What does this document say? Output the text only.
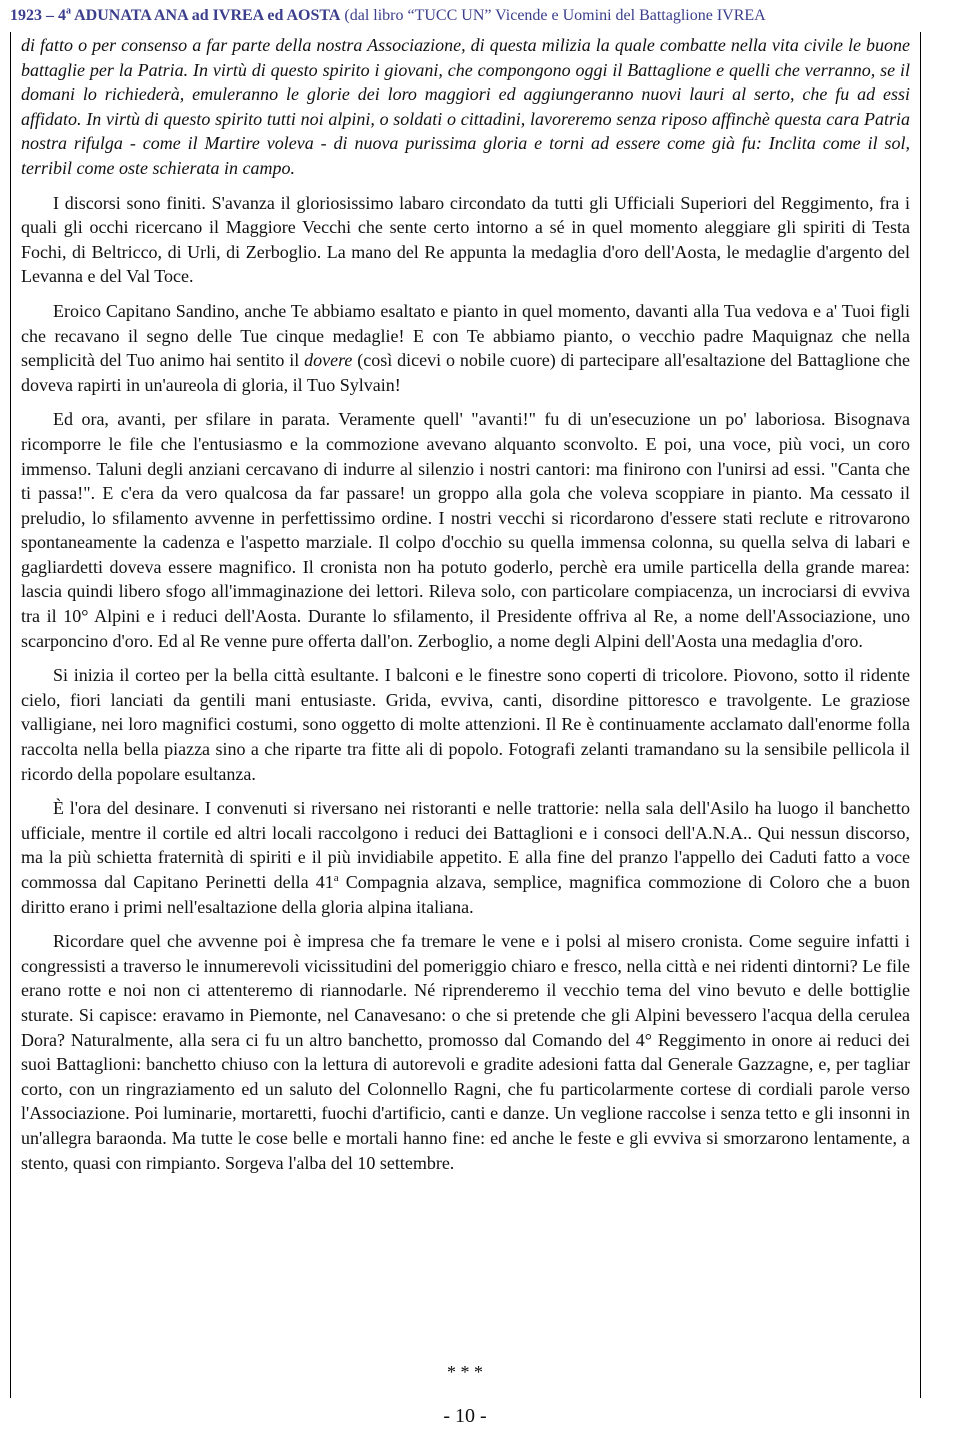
1923 – 4$^a$ ADUNATA ANA ad IVREA ed AOSTA (dal libro “TUCC UN” Vicende e Uomini del Battaglione IVREA

di fatto o per consenso a far parte della nostra Associazione, di questa milizia la quale combatte nella vita civile le buone battaglie per la Patria. In virtù di questo spirito i giovani, che compongono oggi il Battaglione e quelli che verranno, se il domani lo richiederà, emuleranno le glorie dei loro maggiori ed aggiungeranno nuovi lauri al serto, che fu ad essi affidato. In virtù di questo spirito tutti noi alpini, o soldati o cittadini, lavoreremo senza riposo affinchè questa cara Patria nostra rifulga - come il Martire voleva - di nuova purissima gloria e torni ad essere come già fu: Inclita come il sol, terribil come oste schierata in campo.

I discorsi sono finiti. S'avanza il gloriosissimo labaro circondato da tutti gli Ufficiali Superiori del Reggimento, fra i quali gli occhi ricercano il Maggiore Vecchi che sente certo intorno a sé in quel momento aleggiare gli spiriti di Testa Fochi, di Beltricco, di Urli, di Zerboglio. La mano del Re appunta la medaglia d'oro dell'Aosta, le medaglie d'argento del Levanna e del Val Toce.

Eroico Capitano Sandino, anche Te abbiamo esaltato e pianto in quel momento, davanti alla Tua vedova e a' Tuoi figli che recavano il segno delle Tue cinque medaglie! E con Te abbiamo pianto, o vecchio padre Maquignaz che nella semplicità del Tuo animo hai sentito il dovere (così dicevi o nobile cuore) di partecipare all'esaltazione del Battaglione che doveva rapirti in un'aureola di gloria, il Tuo Sylvain!

Ed ora, avanti, per sfilare in parata. Veramente quell' "avanti!" fu di un'esecuzione un po' laboriosa. Bisognava ricomporre le file che l'entusiasmo e la commozione avevano alquanto sconvolto. E poi, una voce, più voci, un coro immenso. Taluni degli anziani cercavano di indurre al silenzio i nostri cantori: ma finirono con l'unirsi ad essi. "Canta che ti passa!". E c'era da vero qualcosa da far passare! un groppo alla gola che voleva scoppiare in pianto. Ma cessato il preludio, lo sfilamento avvenne in perfettissimo ordine. I nostri vecchi si ricordarono d'essere stati reclute e ritrovarono spontaneamente la cadenza e l'aspetto marziale. Il colpo d'occhio su quella immensa colonna, su quella selva di labari e gagliardetti doveva essere magnifico. Il cronista non ha potuto goderlo, perchè era umile particella della grande marea: lascia quindi libero sfogo all'immaginazione dei lettori. Rileva solo, con particolare compiacenza, un incrociarsi di evviva tra il 10° Alpini e i reduci dell'Aosta. Durante lo sfilamento, il Presidente offriva al Re, a nome dell'Associazione, uno scarponcino d'oro. Ed al Re venne pure offerta dall'on. Zerboglio, a nome degli Alpini dell'Aosta una medaglia d'oro.

Si inizia il corteo per la bella città esultante. I balconi e le finestre sono coperti di tricolore. Piovono, sotto il ridente cielo, fiori lanciati da gentili mani entusiaste. Grida, evviva, canti, disordine pittoresco e travolgente. Le graziose valligiane, nei loro magnifici costumi, sono oggetto di molte attenzioni. Il Re è continuamente acclamato dall'enorme folla raccolta nella bella piazza sino a che riparte tra fitte ali di popolo. Fotografi zelanti tramandano su la sensibile pellicola il ricordo della popolare esultanza.

È l'ora del desinare. I convenuti si riversano nei ristoranti e nelle trattorie: nella sala dell'Asilo ha luogo il banchetto ufficiale, mentre il cortile ed altri locali raccolgono i reduci dei Battaglioni e i consoci dell'A.N.A.. Qui nessun discorso, ma la più schietta fraternità di spiriti e il più invidiabile appetito. E alla fine del pranzo l'appello dei Caduti fatto a voce commossa dal Capitano Perinetti della 41$^a$ Compagnia alzava, semplice, magnifica commozione di Coloro che a buon diritto erano i primi nell'esaltazione della gloria alpina italiana.

Ricordare quel che avvenne poi è impresa che fa tremare le vene e i polsi al misero cronista. Come seguire infatti i congressisti a traverso le innumerevoli vicissitudini del pomeriggio chiaro e fresco, nella città e nei ridenti dintorni? Le file erano rotte e noi non ci attenteremo di riannodarle. Né riprenderemo il vecchio tema del vino bevuto e delle bottiglie sturate. Si capisce: eravamo in Piemonte, nel Canavesano: o che si pretende che gli Alpini bevessero l'acqua della cerulea Dora? Naturalmente, alla sera ci fu un altro banchetto, promosso dal Comando del 4° Reggimento in onore ai reduci dei suoi Battaglioni: banchetto chiuso con la lettura di autorevoli e gradite adesioni fatta dal Generale Gazzagne, e, per tagliar corto, con un ringraziamento ed un saluto del Colonnello Ragni, che fu particolarmente cortese di cordiali parole verso l'Associazione. Poi luminarie, mortaretti, fuochi d'artificio, canti e danze. Un veglione raccolse i senza tetto e gli insonni in un'allegra baraonda. Ma tutte le cose belle e mortali hanno fine: ed anche le feste e gli evviva si smorzarono lentamente, a stento, quasi con rimpianto. Sorgeva l'alba del 10 settembre.

* * *
- 10 -
